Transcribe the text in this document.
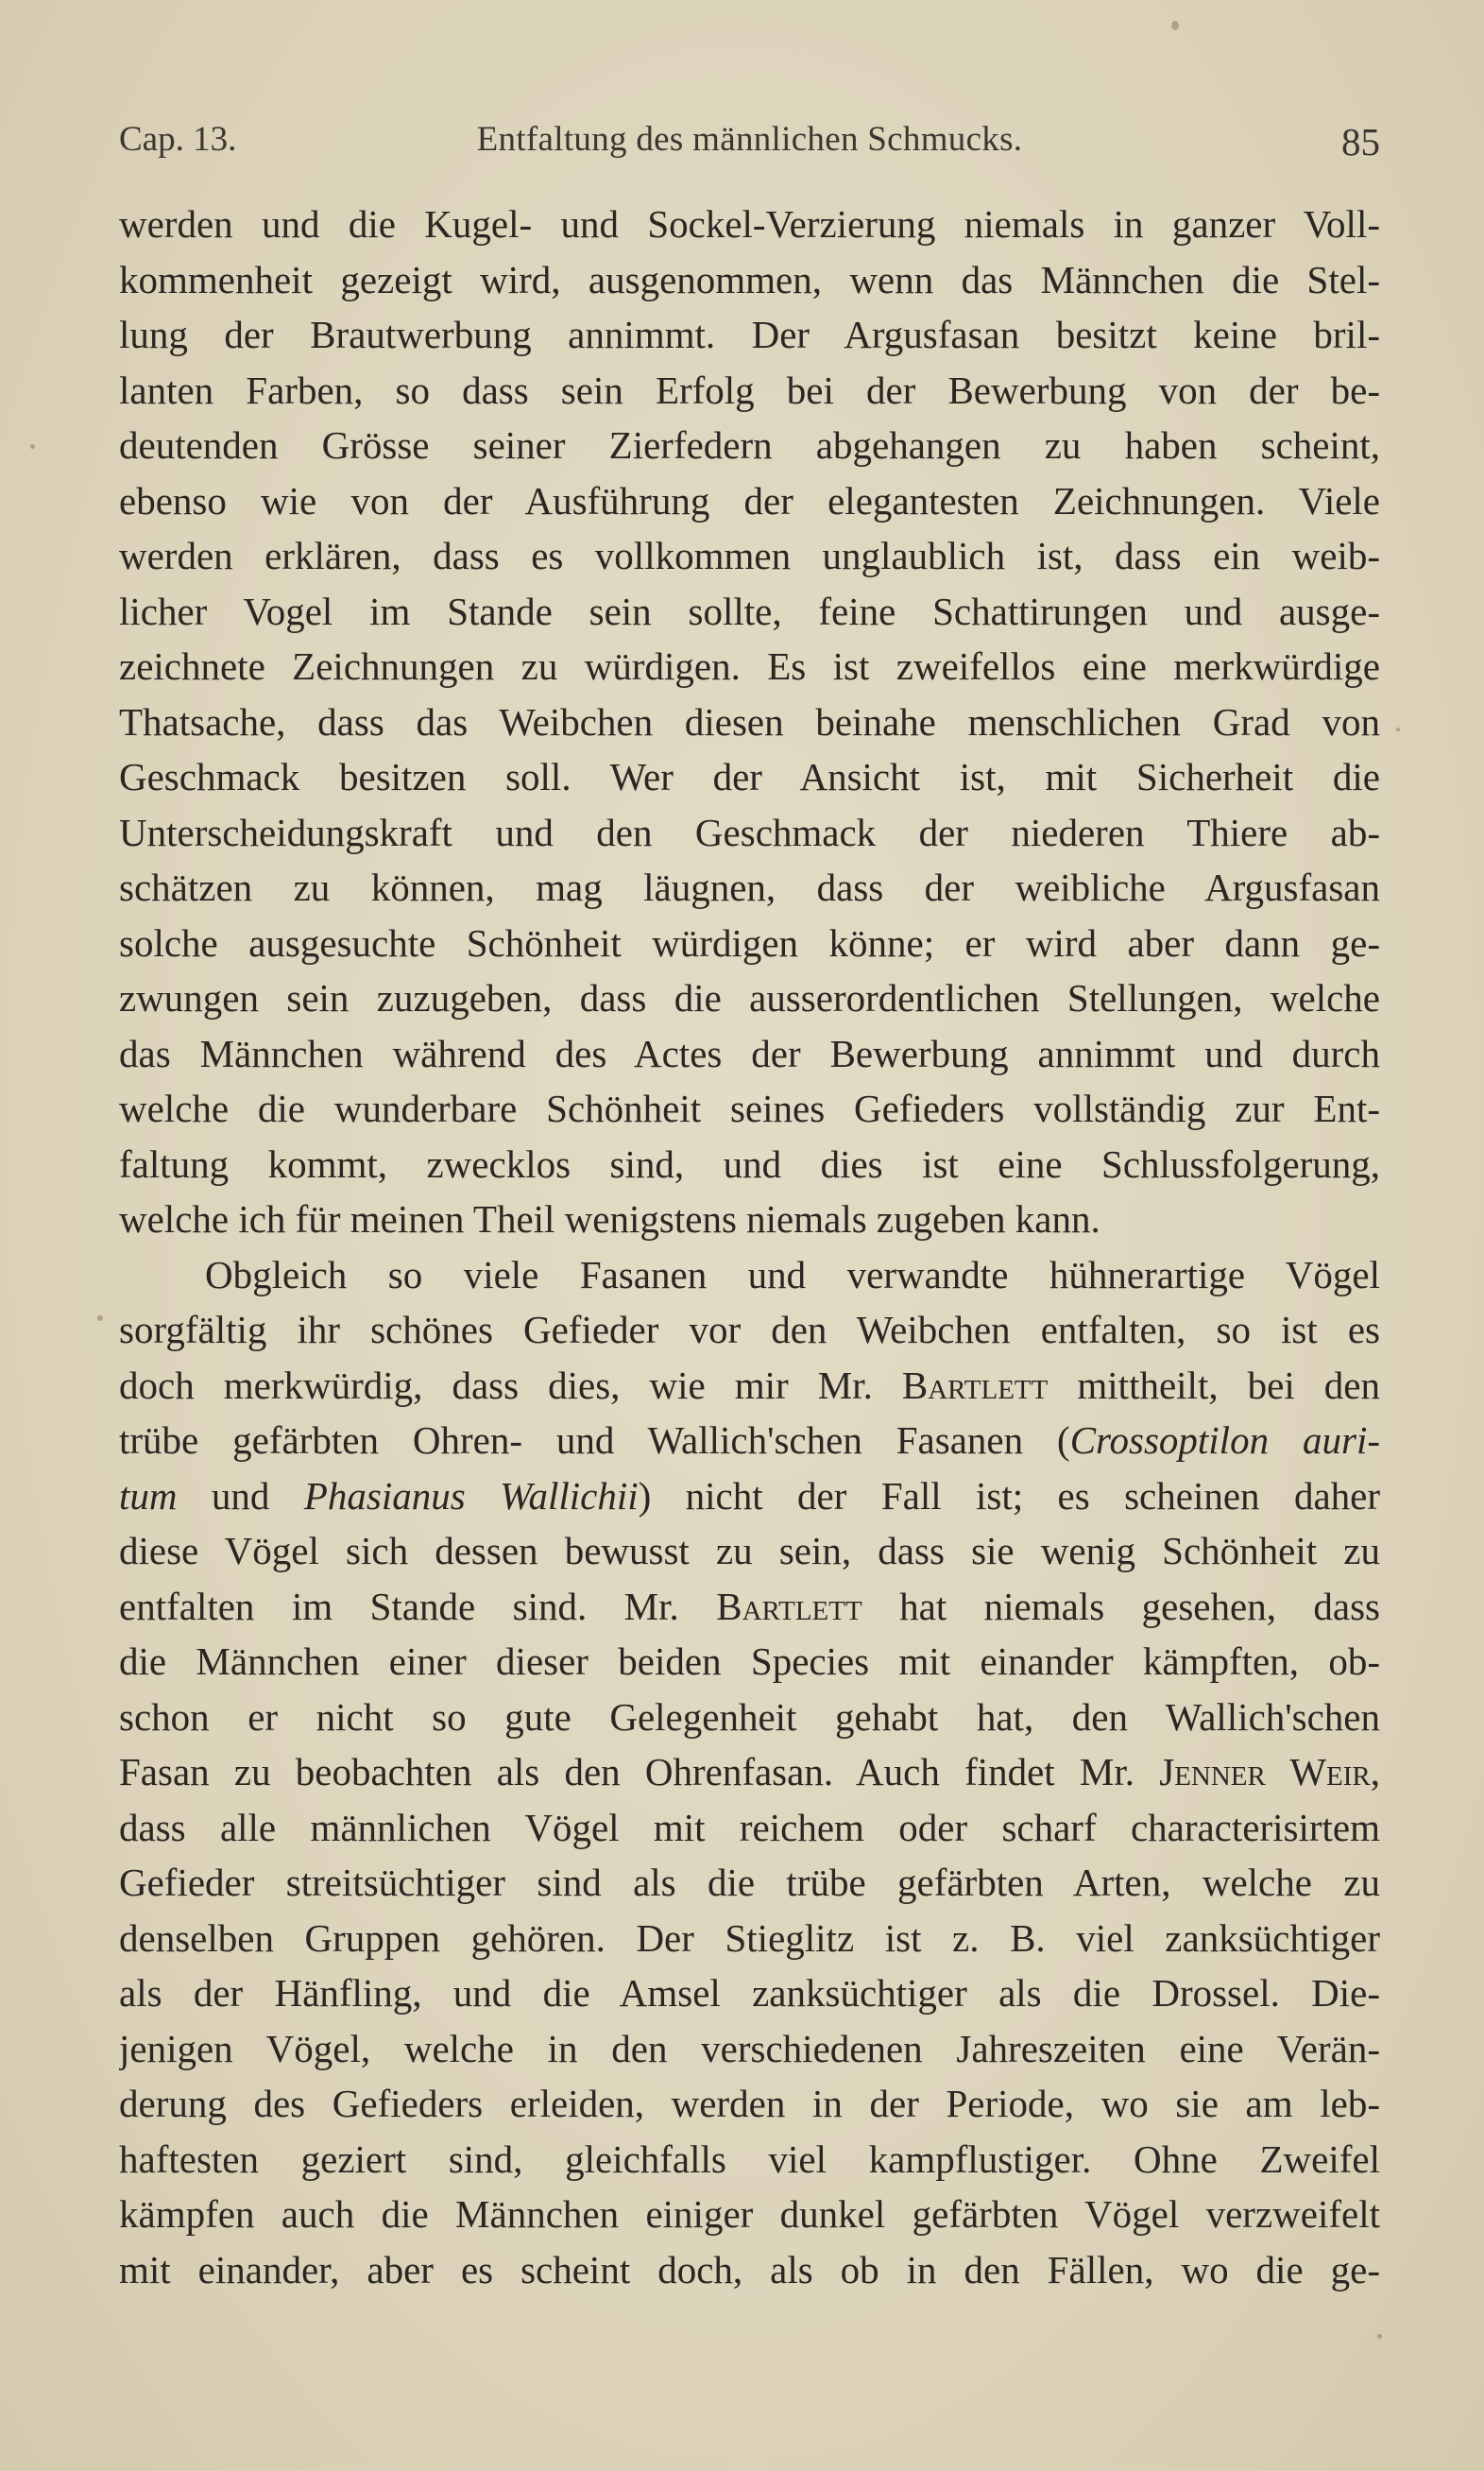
Cap. 13.	Entfaltung des männlichen Schmucks.	85
werden und die Kugel- und Sockel-Verzierung niemals in ganzer Voll-
kommenheit gezeigt wird, ausgenommen, wenn das Männchen die Stel-
lung der Brautwerbung annimmt. Der Argusfasan besitzt keine bril-
lanten Farben, so dass sein Erfolg bei der Bewerbung von der be-
deutenden Grösse seiner Zierfedern abgehangen zu haben scheint,
ebenso wie von der Ausführung der elegantesten Zeichnungen. Viele
werden erklären, dass es vollkommen unglaublich ist, dass ein weib-
licher Vogel im Stande sein sollte, feine Schattirungen und ausge-
zeichnete Zeichnungen zu würdigen. Es ist zweifellos eine merkwürdige
Thatsache, dass das Weibchen diesen beinahe menschlichen Grad von
Geschmack besitzen soll. Wer der Ansicht ist, mit Sicherheit die
Unterscheidungskraft und den Geschmack der niederen Thiere ab-
schätzen zu können, mag läugnen, dass der weibliche Argusfasan
solche ausgesuchte Schönheit würdigen könne; er wird aber dann ge-
zwungen sein zuzugeben, dass die ausserordentlichen Stellungen, welche
das Männchen während des Actes der Bewerbung annimmt und durch
welche die wunderbare Schönheit seines Gefieders vollständig zur Ent-
faltung kommt, zwecklos sind, und dies ist eine Schlussfolgerung,
welche ich für meinen Theil wenigstens niemals zugeben kann.
Obgleich so viele Fasanen und verwandte hühnerartige Vögel
sorgfältig ihr schönes Gefieder vor den Weibchen entfalten, so ist es
doch merkwürdig, dass dies, wie mir Mr. Bartlett mittheilt, bei den
trübe gefärbten Ohren- und Wallich'schen Fasanen (Crossoptilon auri-
tum und Phasianus Wallichii) nicht der Fall ist; es scheinen daher
diese Vögel sich dessen bewusst zu sein, dass sie wenig Schönheit zu
entfalten im Stande sind. Mr. Bartlett hat niemals gesehen, dass
die Männchen einer dieser beiden Species mit einander kämpften, ob-
schon er nicht so gute Gelegenheit gehabt hat, den Wallich'schen
Fasan zu beobachten als den Ohrenfasan. Auch findet Mr. Jenner Weir,
dass alle männlichen Vögel mit reichem oder scharf characterisirtem
Gefieder streitsüchtiger sind als die trübe gefärbten Arten, welche zu
denselben Gruppen gehören. Der Stieglitz ist z. B. viel zanksüchtiger
als der Hänfling, und die Amsel zanksüchtiger als die Drossel. Die-
jenigen Vögel, welche in den verschiedenen Jahreszeiten eine Verän-
derung des Gefieders erleiden, werden in der Periode, wo sie am leb-
haftesten geziert sind, gleichfalls viel kampflustiger. Ohne Zweifel
kämpfen auch die Männchen einiger dunkel gefärbten Vögel verzweifelt
mit einander, aber es scheint doch, als ob in den Fällen, wo die ge-
